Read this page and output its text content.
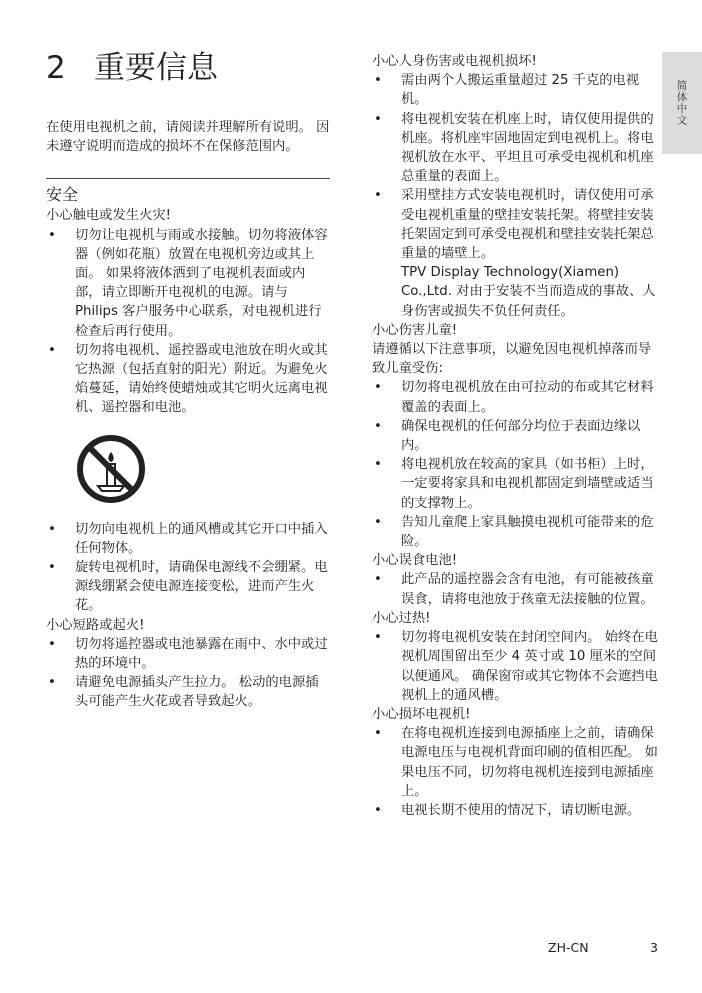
2 重要信息

在使用电视机之前，请阅读并理解所有说明。 因未遵守说明而造成的损坏不在保修范围内。

安全
小心触电或发生火灾!
• 切勿让电视机与雨或水接触。切勿将液体容器（例如花瓶）放置在电视机旁边或其上面。 如果将液体洒到了电视机表面或内部，请立即断开电视机的电源。请与Philips 客户服务中心联系，对电视机进行检查后再行使用。
• 切勿将电视机、遥控器或电池放在明火或其它热源（包括直射的阳光）附近。为避免火焰蔓延，请始终使蜡烛或其它明火远离电视机、遥控器和电池。
• 切勿向电视机上的通风槽或其它开口中插入任何物体。
• 旋转电视机时，请确保电源线不会绷紧。电源线绷紧会使电源连接变松，进而产生火花。
小心短路或起火!
• 切勿将遥控器或电池暴露在雨中、水中或过热的环境中。
• 请避免电源插头产生拉力。 松动的电源插头可能产生火花或者导致起火。
小心人身伤害或电视机损坏!
• 需由两个人搬运重量超过 25 千克的电视机。
• 将电视机安装在机座上时，请仅使用提供的机座。将机座牢固地固定到电视机上。将电视机放在水平、平坦且可承受电视机和机座总重量的表面上。
• 采用壁挂方式安装电视机时，请仅使用可承受电视机重量的壁挂安装托架。将壁挂安装托架固定到可承受电视机和壁挂安装托架总重量的墙壁上。
TPV Display Technology(Xiamen) Co.,Ltd. 对由于安装不当而造成的事故、人身伤害或损失不负任何责任。
小心伤害儿童!
请遵循以下注意事项，以避免因电视机掉落而导致儿童受伤:
• 切勿将电视机放在由可拉动的布或其它材料覆盖的表面上。
• 确保电视机的任何部分均位于表面边缘以内。
• 将电视机放在较高的家具（如书柜）上时，一定要将家具和电视机都固定到墙壁或适当的支撑物上。
• 告知儿童爬上家具触摸电视机可能带来的危险。
小心误食电池!
• 此产品的遥控器会含有电池，有可能被孩童误食，请将电池放于孩童无法接触的位置。
小心过热!
• 切勿将电视机安装在封闭空间内。 始终在电视机周围留出至少 4 英寸或 10 厘米的空间以便通风。 确保窗帘或其它物体不会遮挡电视机上的通风槽。
小心损坏电视机!
• 在将电视机连接到电源插座上之前，请确保电源电压与电视机背面印刷的值相匹配。 如果电压不同，切勿将电视机连接到电源插座上。
• 电视长期不使用的情况下，请切断电源。
简体中文
ZH-CN	3
